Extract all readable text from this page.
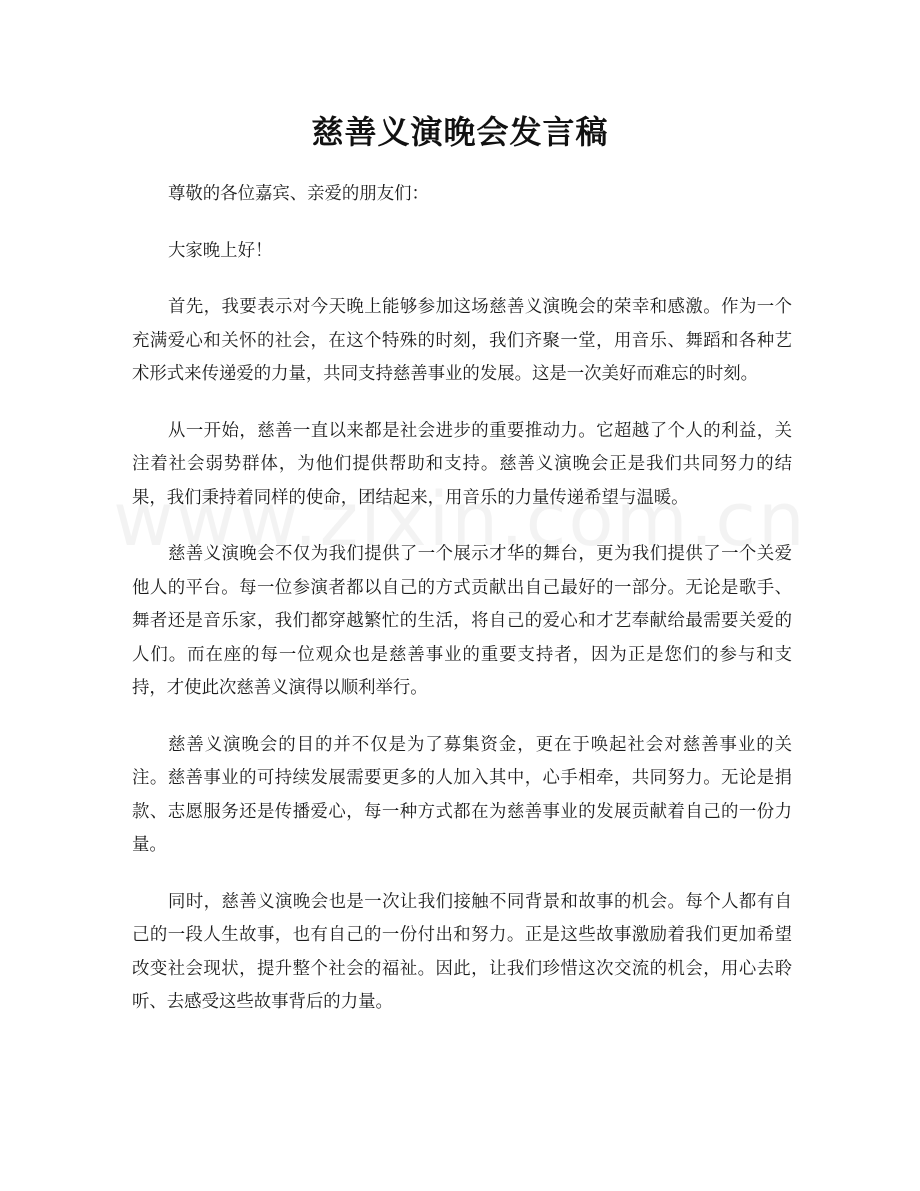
慈善义演晚会发言稿

尊敬的各位嘉宾、亲爱的朋友们：

大家晚上好！

首先，我要表示对今天晚上能够参加这场慈善义演晚会的荣幸和感激。作为一个充满爱心和关怀的社会，在这个特殊的时刻，我们齐聚一堂，用音乐、舞蹈和各种艺术形式来传递爱的力量，共同支持慈善事业的发展。这是一次美好而难忘的时刻。

从一开始，慈善一直以来都是社会进步的重要推动力。它超越了个人的利益，关注着社会弱势群体，为他们提供帮助和支持。慈善义演晚会正是我们共同努力的结果，我们秉持着同样的使命，团结起来，用音乐的力量传递希望与温暖。

慈善义演晚会不仅为我们提供了一个展示才华的舞台，更为我们提供了一个关爱他人的平台。每一位参演者都以自己的方式贡献出自己最好的一部分。无论是歌手、舞者还是音乐家，我们都穿越繁忙的生活，将自己的爱心和才艺奉献给最需要关爱的人们。而在座的每一位观众也是慈善事业的重要支持者，因为正是您们的参与和支持，才使此次慈善义演得以顺利举行。

慈善义演晚会的目的并不仅是为了募集资金，更在于唤起社会对慈善事业的关注。慈善事业的可持续发展需要更多的人加入其中，心手相牵，共同努力。无论是捐款、志愿服务还是传播爱心，每一种方式都在为慈善事业的发展贡献着自己的一份力量。

同时，慈善义演晚会也是一次让我们接触不同背景和故事的机会。每个人都有自己的一段人生故事，也有自己的一份付出和努力。正是这些故事激励着我们更加希望改变社会现状，提升整个社会的福祉。因此，让我们珍惜这次交流的机会，用心去聆听、去感受这些故事背后的力量。
